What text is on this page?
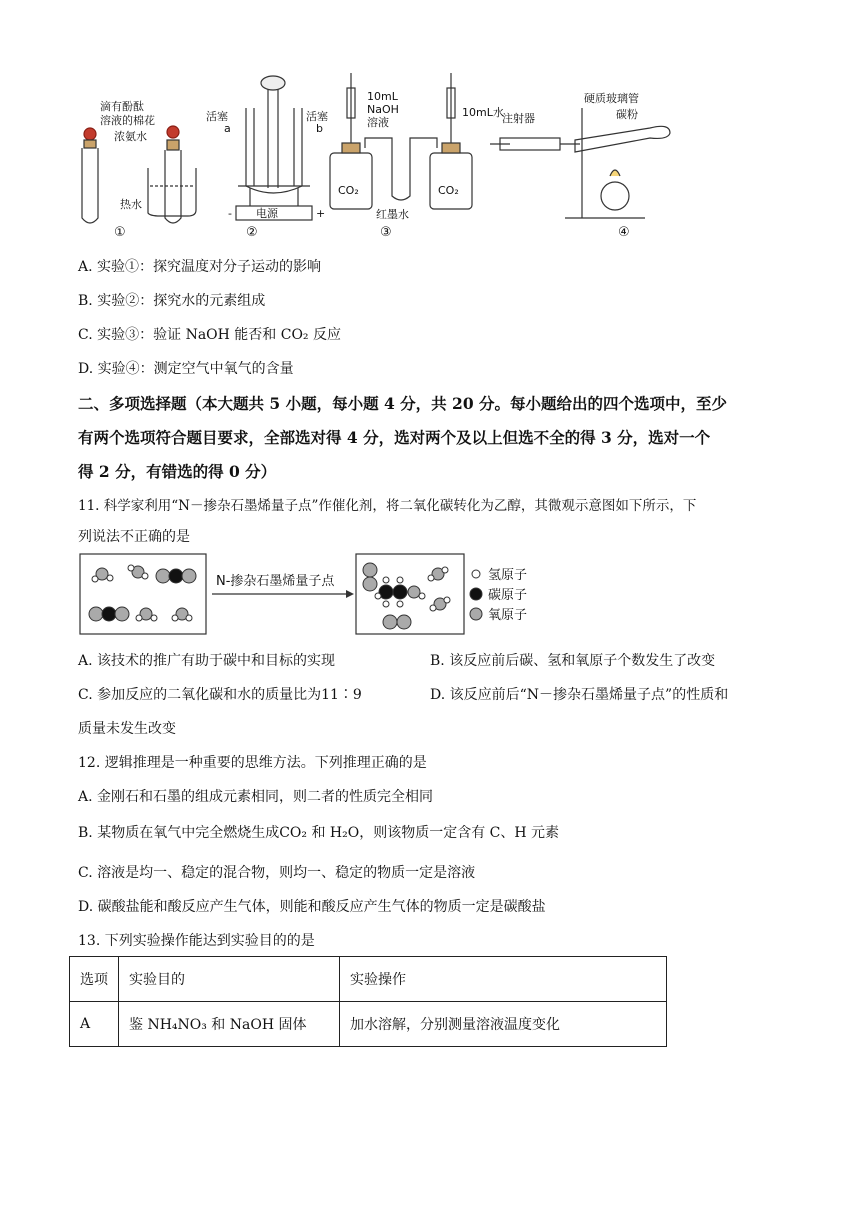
滴有酚酞
溶液的棉花
浓氨水
热水
活塞
a
活塞
b
电源
-	+
10mL
NaOH
溶液
10mL水
CO₂	CO₂
红墨水
注射器
硬质玻璃管
碳粉
①	②	③	④
A. 实验①：探究温度对分子运动的影响
B. 实验②：探究水的元素组成
C. 实验③：验证 NaOH 能否和 CO₂ 反应
D. 实验④：测定空气中氧气的含量
二、多项选择题（本大题共 5 小题，每小题 4 分，共 20 分。每小题给出的四个选项中，至少
有两个选项符合题目要求，全部选对得 4 分，选对两个及以上但选不全的得 3 分，选对一个
得 2 分，有错选的得 0 分）
11. 科学家利用“N－掺杂石墨烯量子点”作催化剂，将二氧化碳转化为乙醇，其微观示意图如下所示，下
列说法不正确的是
N-掺杂石墨烯量子点	氢原子
碳原子
氧原子
A. 该技术的推广有助于碳中和目标的实现	B. 该反应前后碳、氢和氧原子个数发生了改变
C. 参加反应的二氧化碳和水的质量比为11∶9	D. 该反应前后“N－掺杂石墨烯量子点”的性质和
质量未发生改变
12. 逻辑推理是一种重要的思维方法。下列推理正确的是
A. 金刚石和石墨的组成元素相同，则二者的性质完全相同
B. 某物质在氧气中完全燃烧生成CO₂ 和 H₂O，则该物质一定含有 C、H 元素
C. 溶液是均一、稳定的混合物，则均一、稳定的物质一定是溶液
D. 碳酸盐能和酸反应产生气体，则能和酸反应产生气体的物质一定是碳酸盐
13. 下列实验操作能达到实验目的的是
选项	实验目的	实验操作
A	鉴 NH₄NO₃ 和 NaOH 固体	加水溶解，分别测量溶液温度变化
